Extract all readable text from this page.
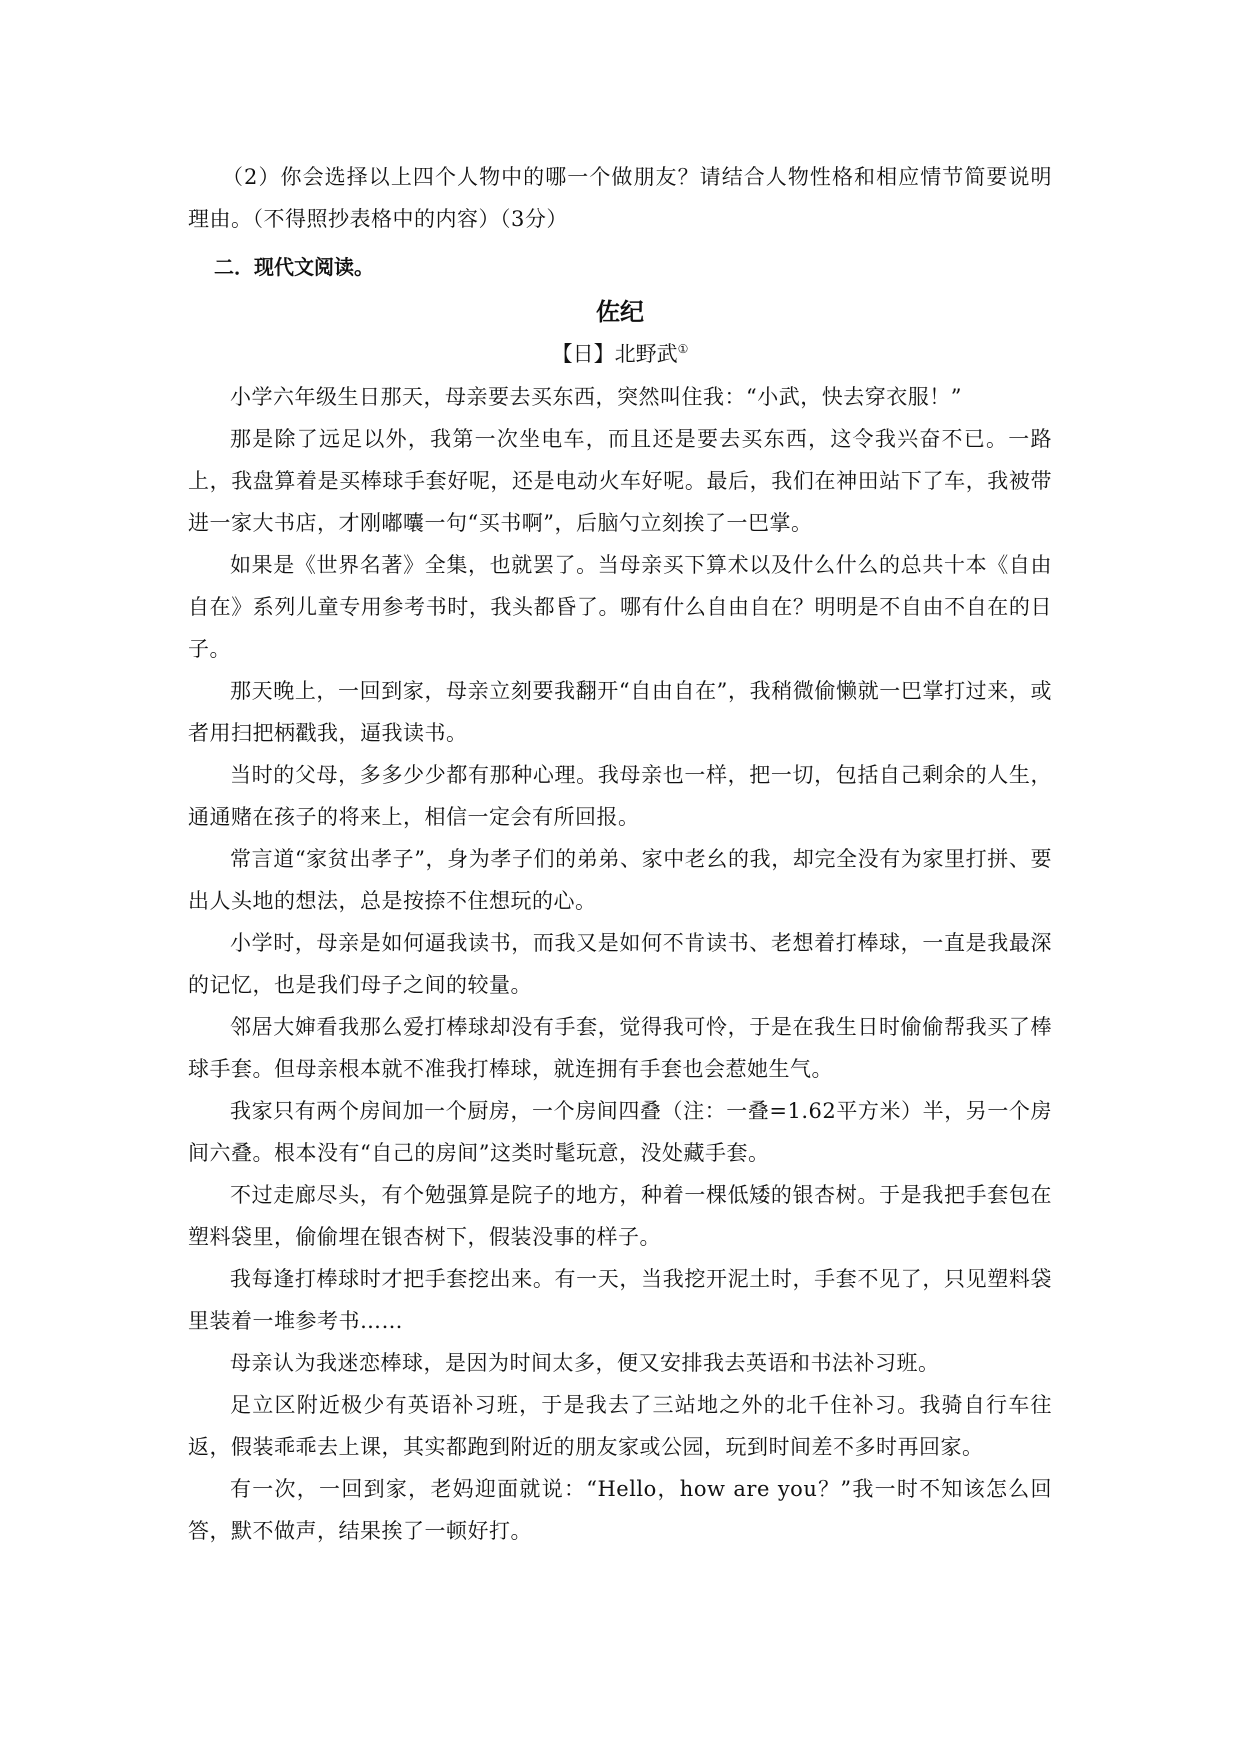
（2）你会选择以上四个人物中的哪一个做朋友？请结合人物性格和相应情节简要说明理由。（不得照抄表格中的内容）（3分）

二．现代文阅读。
佐纪
【日】北野武①

小学六年级生日那天，母亲要去买东西，突然叫住我：“小武，快去穿衣服！”

那是除了远足以外，我第一次坐电车，而且还是要去买东西，这令我兴奋不已。一路上，我盘算着是买棒球手套好呢，还是电动火车好呢。最后，我们在神田站下了车，我被带进一家大书店，才刚嘟囔一句“买书啊”，后脑勺立刻挨了一巴掌。

如果是《世界名著》全集，也就罢了。当母亲买下算术以及什么什么的总共十本《自由自在》系列儿童专用参考书时，我头都昏了。哪有什么自由自在？明明是不自由不自在的日子。

那天晚上，一回到家，母亲立刻要我翻开“自由自在”，我稍微偷懒就一巴掌打过来，或者用扫把柄戳我，逼我读书。

当时的父母，多多少少都有那种心理。我母亲也一样，把一切，包括自己剩余的人生，通通赌在孩子的将来上，相信一定会有所回报。

常言道“家贫出孝子”，身为孝子们的弟弟、家中老幺的我，却完全没有为家里打拼、要出人头地的想法，总是按捺不住想玩的心。

小学时，母亲是如何逼我读书，而我又是如何不肯读书、老想着打棒球，一直是我最深的记忆，也是我们母子之间的较量。

邻居大婶看我那么爱打棒球却没有手套，觉得我可怜，于是在我生日时偷偷帮我买了棒球手套。但母亲根本就不准我打棒球，就连拥有手套也会惹她生气。

我家只有两个房间加一个厨房，一个房间四叠（注：一叠=1.62平方米）半，另一个房间六叠。根本没有“自己的房间”这类时髦玩意，没处藏手套。

不过走廊尽头，有个勉强算是院子的地方，种着一棵低矮的银杏树。于是我把手套包在塑料袋里，偷偷埋在银杏树下，假装没事的样子。

我每逢打棒球时才把手套挖出来。有一天，当我挖开泥土时，手套不见了，只见塑料袋里装着一堆参考书……

母亲认为我迷恋棒球，是因为时间太多，便又安排我去英语和书法补习班。

足立区附近极少有英语补习班，于是我去了三站地之外的北千住补习。我骑自行车往返，假装乖乖去上课，其实都跑到附近的朋友家或公园，玩到时间差不多时再回家。

有一次，一回到家，老妈迎面就说：“Hello，how are you？”我一时不知该怎么回答，默不做声，结果挨了一顿好打。
